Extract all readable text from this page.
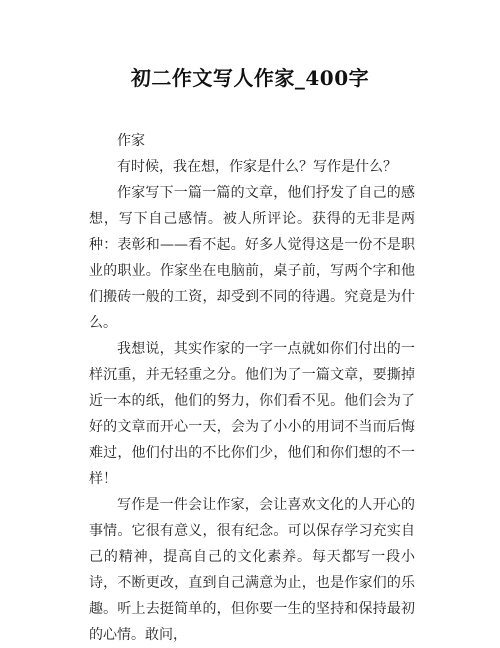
初二作文写人作家_400字

作家

有时候，我在想，作家是什么？写作是什么？

作家写下一篇一篇的文章，他们抒发了自己的感想，写下自己感情。被人所评论。获得的无非是两种：表彰和——看不起。好多人觉得这是一份不是职业的职业。作家坐在电脑前，桌子前，写两个字和他们搬砖一般的工资，却受到不同的待遇。究竟是为什么。

我想说，其实作家的一字一点就如你们付出的一样沉重，并无轻重之分。他们为了一篇文章，要撕掉近一本的纸，他们的努力，你们看不见。他们会为了好的文章而开心一天，会为了小小的用词不当而后悔难过，他们付出的不比你们少，他们和你们想的不一样！

写作是一件会让作家，会让喜欢文化的人开心的事情。它很有意义，很有纪念。可以保存学习充实自己的精神，提高自己的文化素养。每天都写一段小诗，不断更改，直到自己满意为止，也是作家们的乐趣。听上去挺简单的，但你要一生的坚持和保持最初的心情。敢问，
